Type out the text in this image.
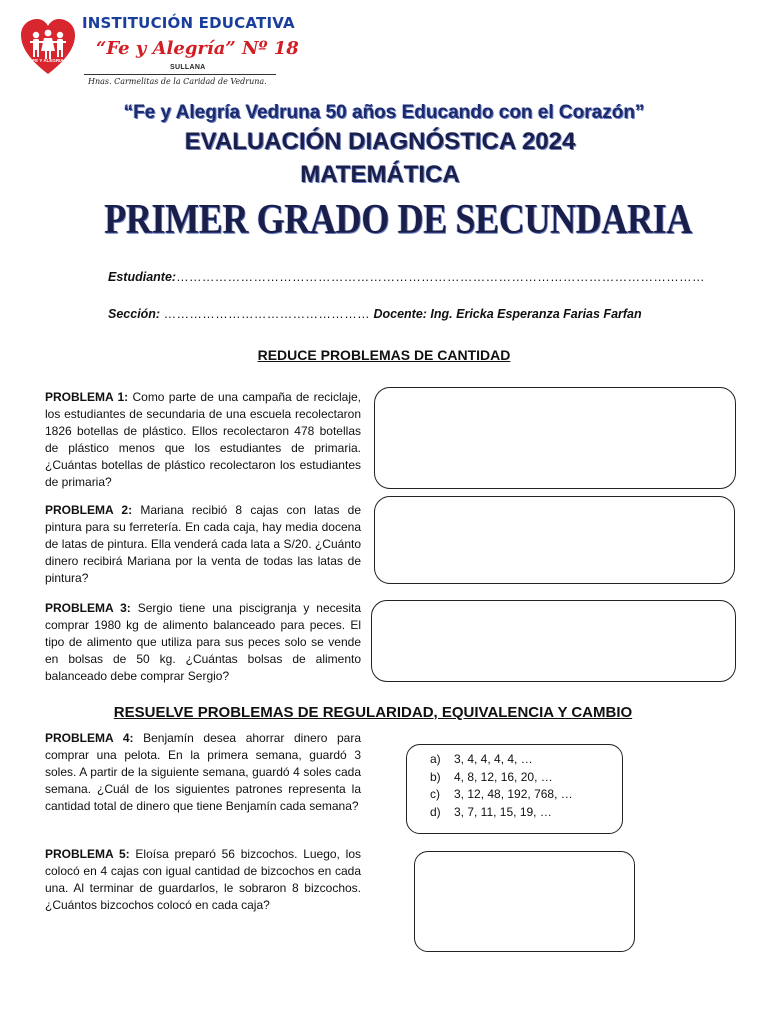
FE Y ALEGRIA
INSTITUCIÓN EDUCATIVA
“Fe y Alegría” Nº 18
SULLANA
Hnas. Carmelitas de la Caridad de Vedruna.
“Fe y Alegría Vedruna 50 años Educando con el Corazón”
EVALUACIÓN DIAGNÓSTICA 2024
MATEMÁTICA
PRIMER GRADO DE SECUNDARIA
Estudiante:……………………………………………………………………………………………………………
Sección: ………………………………………… Docente: Ing. Ericka Esperanza Farias Farfan
REDUCE PROBLEMAS DE CANTIDAD
PROBLEMA 1: Como parte de una campaña de reciclaje, los estudiantes de secundaria de una escuela recolectaron 1826 botellas de plástico. Ellos recolectaron 478 botellas de plástico menos que los estudiantes de primaria. ¿Cuántas botellas de plástico recolectaron los estudiantes de primaria?
PROBLEMA 2: Mariana recibió 8 cajas con latas de pintura para su ferretería. En cada caja, hay media docena de latas de pintura. Ella venderá cada lata a S/20. ¿Cuánto dinero recibirá Mariana por la venta de todas las latas de pintura?
PROBLEMA 3: Sergio tiene una piscigranja y necesita comprar 1980 kg de alimento balanceado para peces. El tipo de alimento que utiliza para sus peces solo se vende en bolsas de 50 kg. ¿Cuántas bolsas de alimento balanceado debe comprar Sergio?
RESUELVE PROBLEMAS DE REGULARIDAD, EQUIVALENCIA Y CAMBIO
PROBLEMA 4: Benjamín desea ahorrar dinero para comprar una pelota. En la primera semana, guardó 3 soles. A partir de la siguiente semana, guardó 4 soles cada semana. ¿Cuál de los siguientes patrones representa la cantidad total de dinero que tiene Benjamín cada semana?
a)	3, 4, 4, 4, 4, …
b)	4, 8, 12, 16, 20, …
c)	3, 12, 48, 192, 768, …
d)	3, 7, 11, 15, 19, …
PROBLEMA 5: Eloísa preparó 56 bizcochos. Luego, los colocó en 4 cajas con igual cantidad de bizcochos en cada una. Al terminar de guardarlos, le sobraron 8 bizcochos. ¿Cuántos bizcochos colocó en cada caja?
